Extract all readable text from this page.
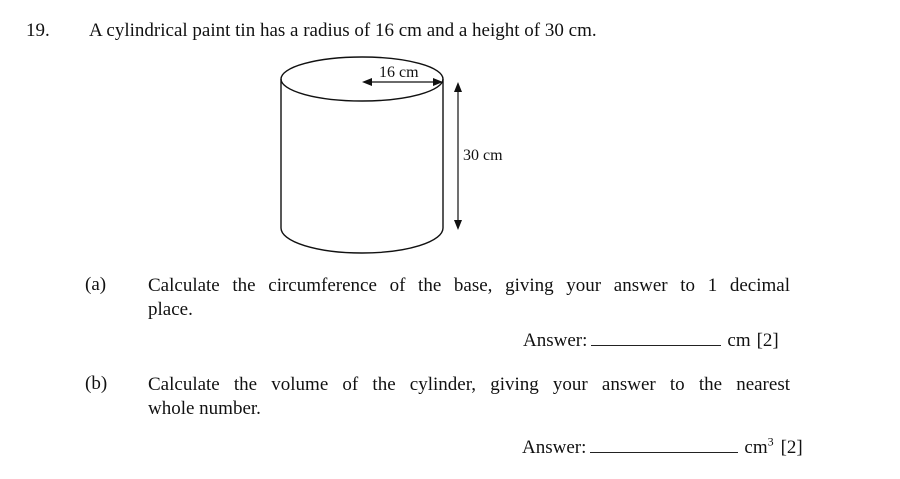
19. A cylindrical paint tin has a radius of 16 cm and a height of 30 cm.
16 cm
30 cm
(a) Calculate the circumference of the base, giving your answer to 1 decimal
place.
Answer:	cm [2]
(b) Calculate the volume of the cylinder, giving your answer to the nearest
whole number.
Answer:	$cm^3$ [2]
